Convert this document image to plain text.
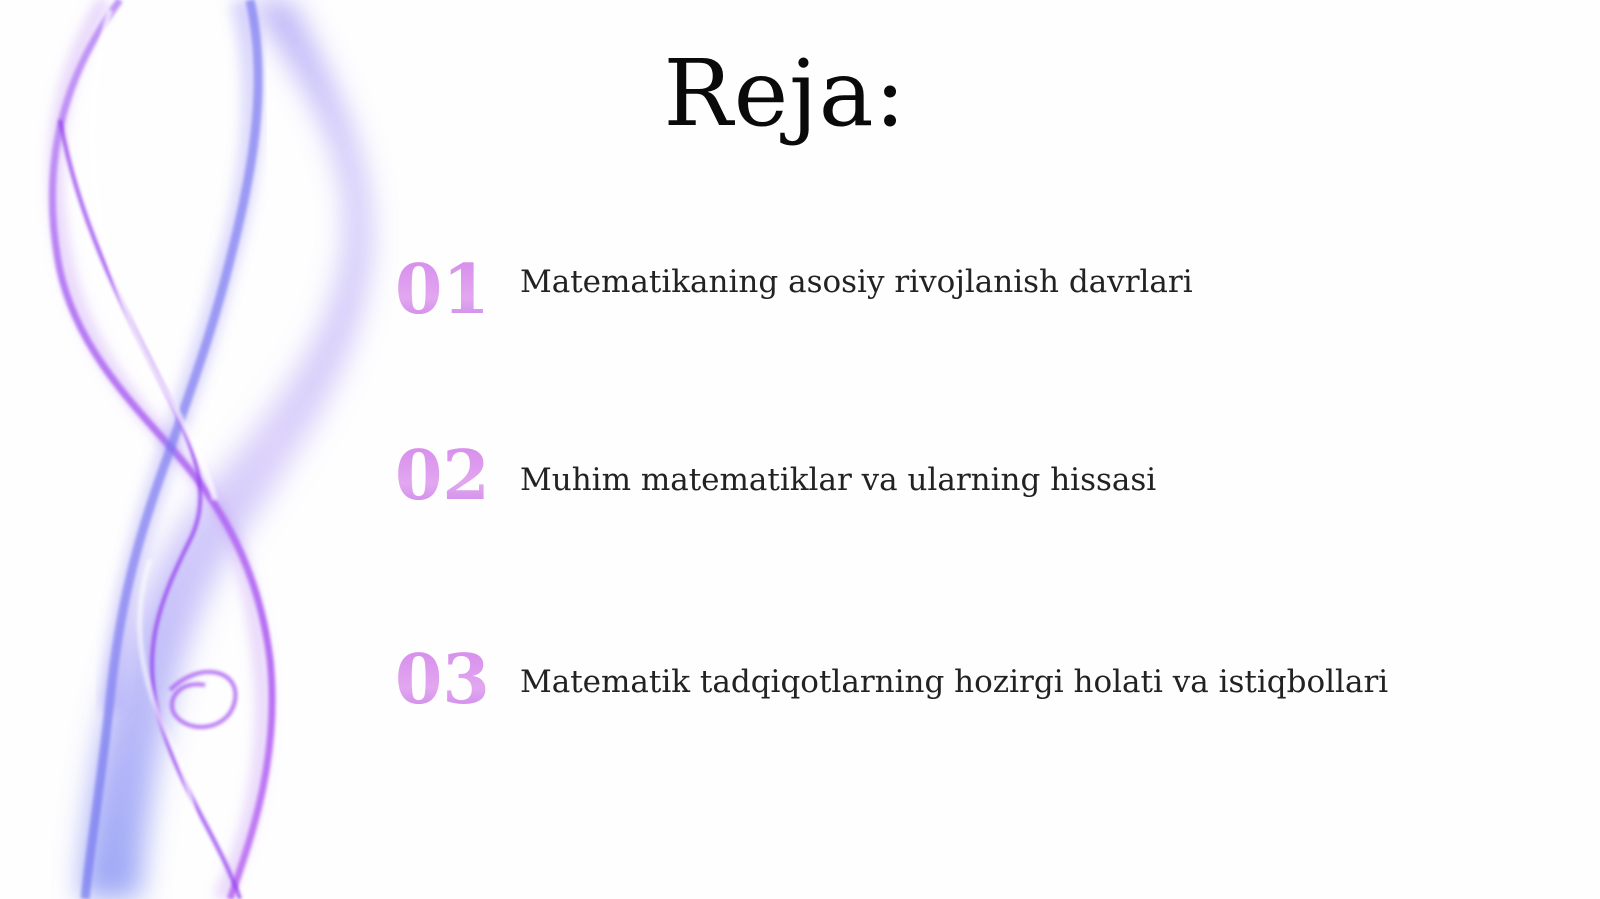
Reja:
01 Matematikaning asosiy rivojlanish davrlari
02 Muhim matematiklar va ularning hissasi
03 Matematik tadqiqotlarning hozirgi holati va istiqbollari
